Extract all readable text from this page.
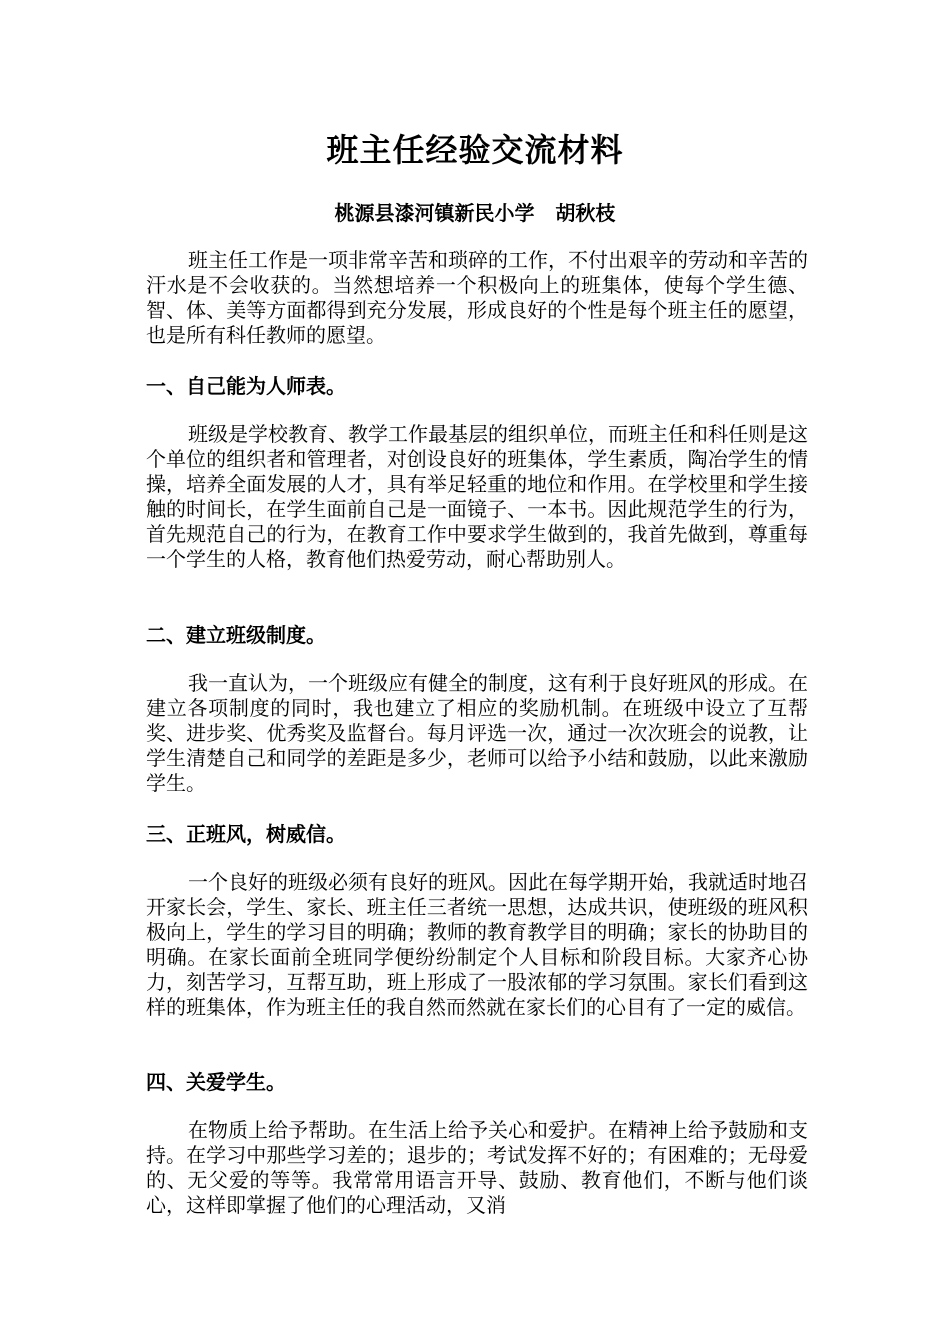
班主任经验交流材料
桃源县漆河镇新民小学   胡秋枝

班主任工作是一项非常辛苦和琐碎的工作，不付出艰辛的劳动和辛苦的汗水是不会收获的。当然想培养一个积极向上的班集体，使每个学生德、智、体、美等方面都得到充分发展，形成良好的个性是每个班主任的愿望，也是所有科任教师的愿望。

一、自己能为人师表。

班级是学校教育、教学工作最基层的组织单位，而班主任和科任则是这个单位的组织者和管理者，对创设良好的班集体，学生素质，陶冶学生的情操，培养全面发展的人才，具有举足轻重的地位和作用。在学校里和学生接触的时间长，在学生面前自己是一面镜子、一本书。因此规范学生的行为，首先规范自己的行为，在教育工作中要求学生做到的，我首先做到，尊重每一个学生的人格，教育他们热爱劳动，耐心帮助别人。

二、建立班级制度。

我一直认为，一个班级应有健全的制度，这有利于良好班风的形成。在建立各项制度的同时，我也建立了相应的奖励机制。在班级中设立了互帮奖、进步奖、优秀奖及监督台。每月评选一次，通过一次次班会的说教，让学生清楚自己和同学的差距是多少，老师可以给予小结和鼓励，以此来激励学生。

三、正班风，树威信。

一个良好的班级必须有良好的班风。因此在每学期开始，我就适时地召开家长会，学生、家长、班主任三者统一思想，达成共识，使班级的班风积极向上，学生的学习目的明确；教师的教育教学目的明确；家长的协助目的明确。在家长面前全班同学便纷纷制定个人目标和阶段目标。大家齐心协力，刻苦学习，互帮互助，班上形成了一股浓郁的学习氛围。家长们看到这样的班集体，作为班主任的我自然而然就在家长们的心目有了一定的威信。

四、关爱学生。

在物质上给予帮助。在生活上给予关心和爱护。在精神上给予鼓励和支持。在学习中那些学习差的；退步的；考试发挥不好的；有困难的；无母爱的、无父爱的等等。我常常用语言开导、鼓励、教育他们，不断与他们谈心，这样即掌握了他们的心理活动，又消
